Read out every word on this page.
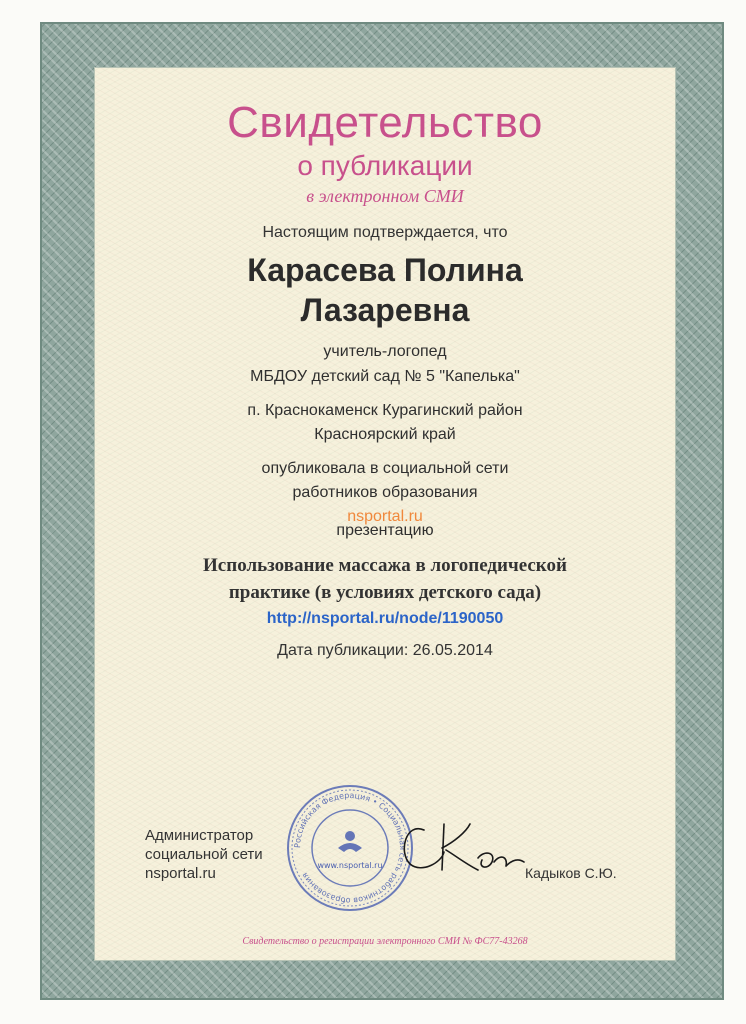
Свидетельство
о публикации
в электронном СМИ
Настоящим подтверждается, что
Карасева Полина
Лазаревна
учитель-логопед
МБДОУ детский сад № 5 "Капелька"
п. Краснокаменск Курагинский район
Красноярский край
опубликовала в социальной сети
работников образования
nsportal.ru
презентацию
Использование массажа в логопедической
практике (в условиях детского сада)
http://nsportal.ru/node/1190050
Дата публикации: 26.05.2014
Администратор
социальной сети
nsportal.ru
Российская Федерация • Социальная сеть работников образования
www.nsportal.ru	Кадыков С.Ю.
Свидетельство о регистрации электронного СМИ № ФС77-43268
